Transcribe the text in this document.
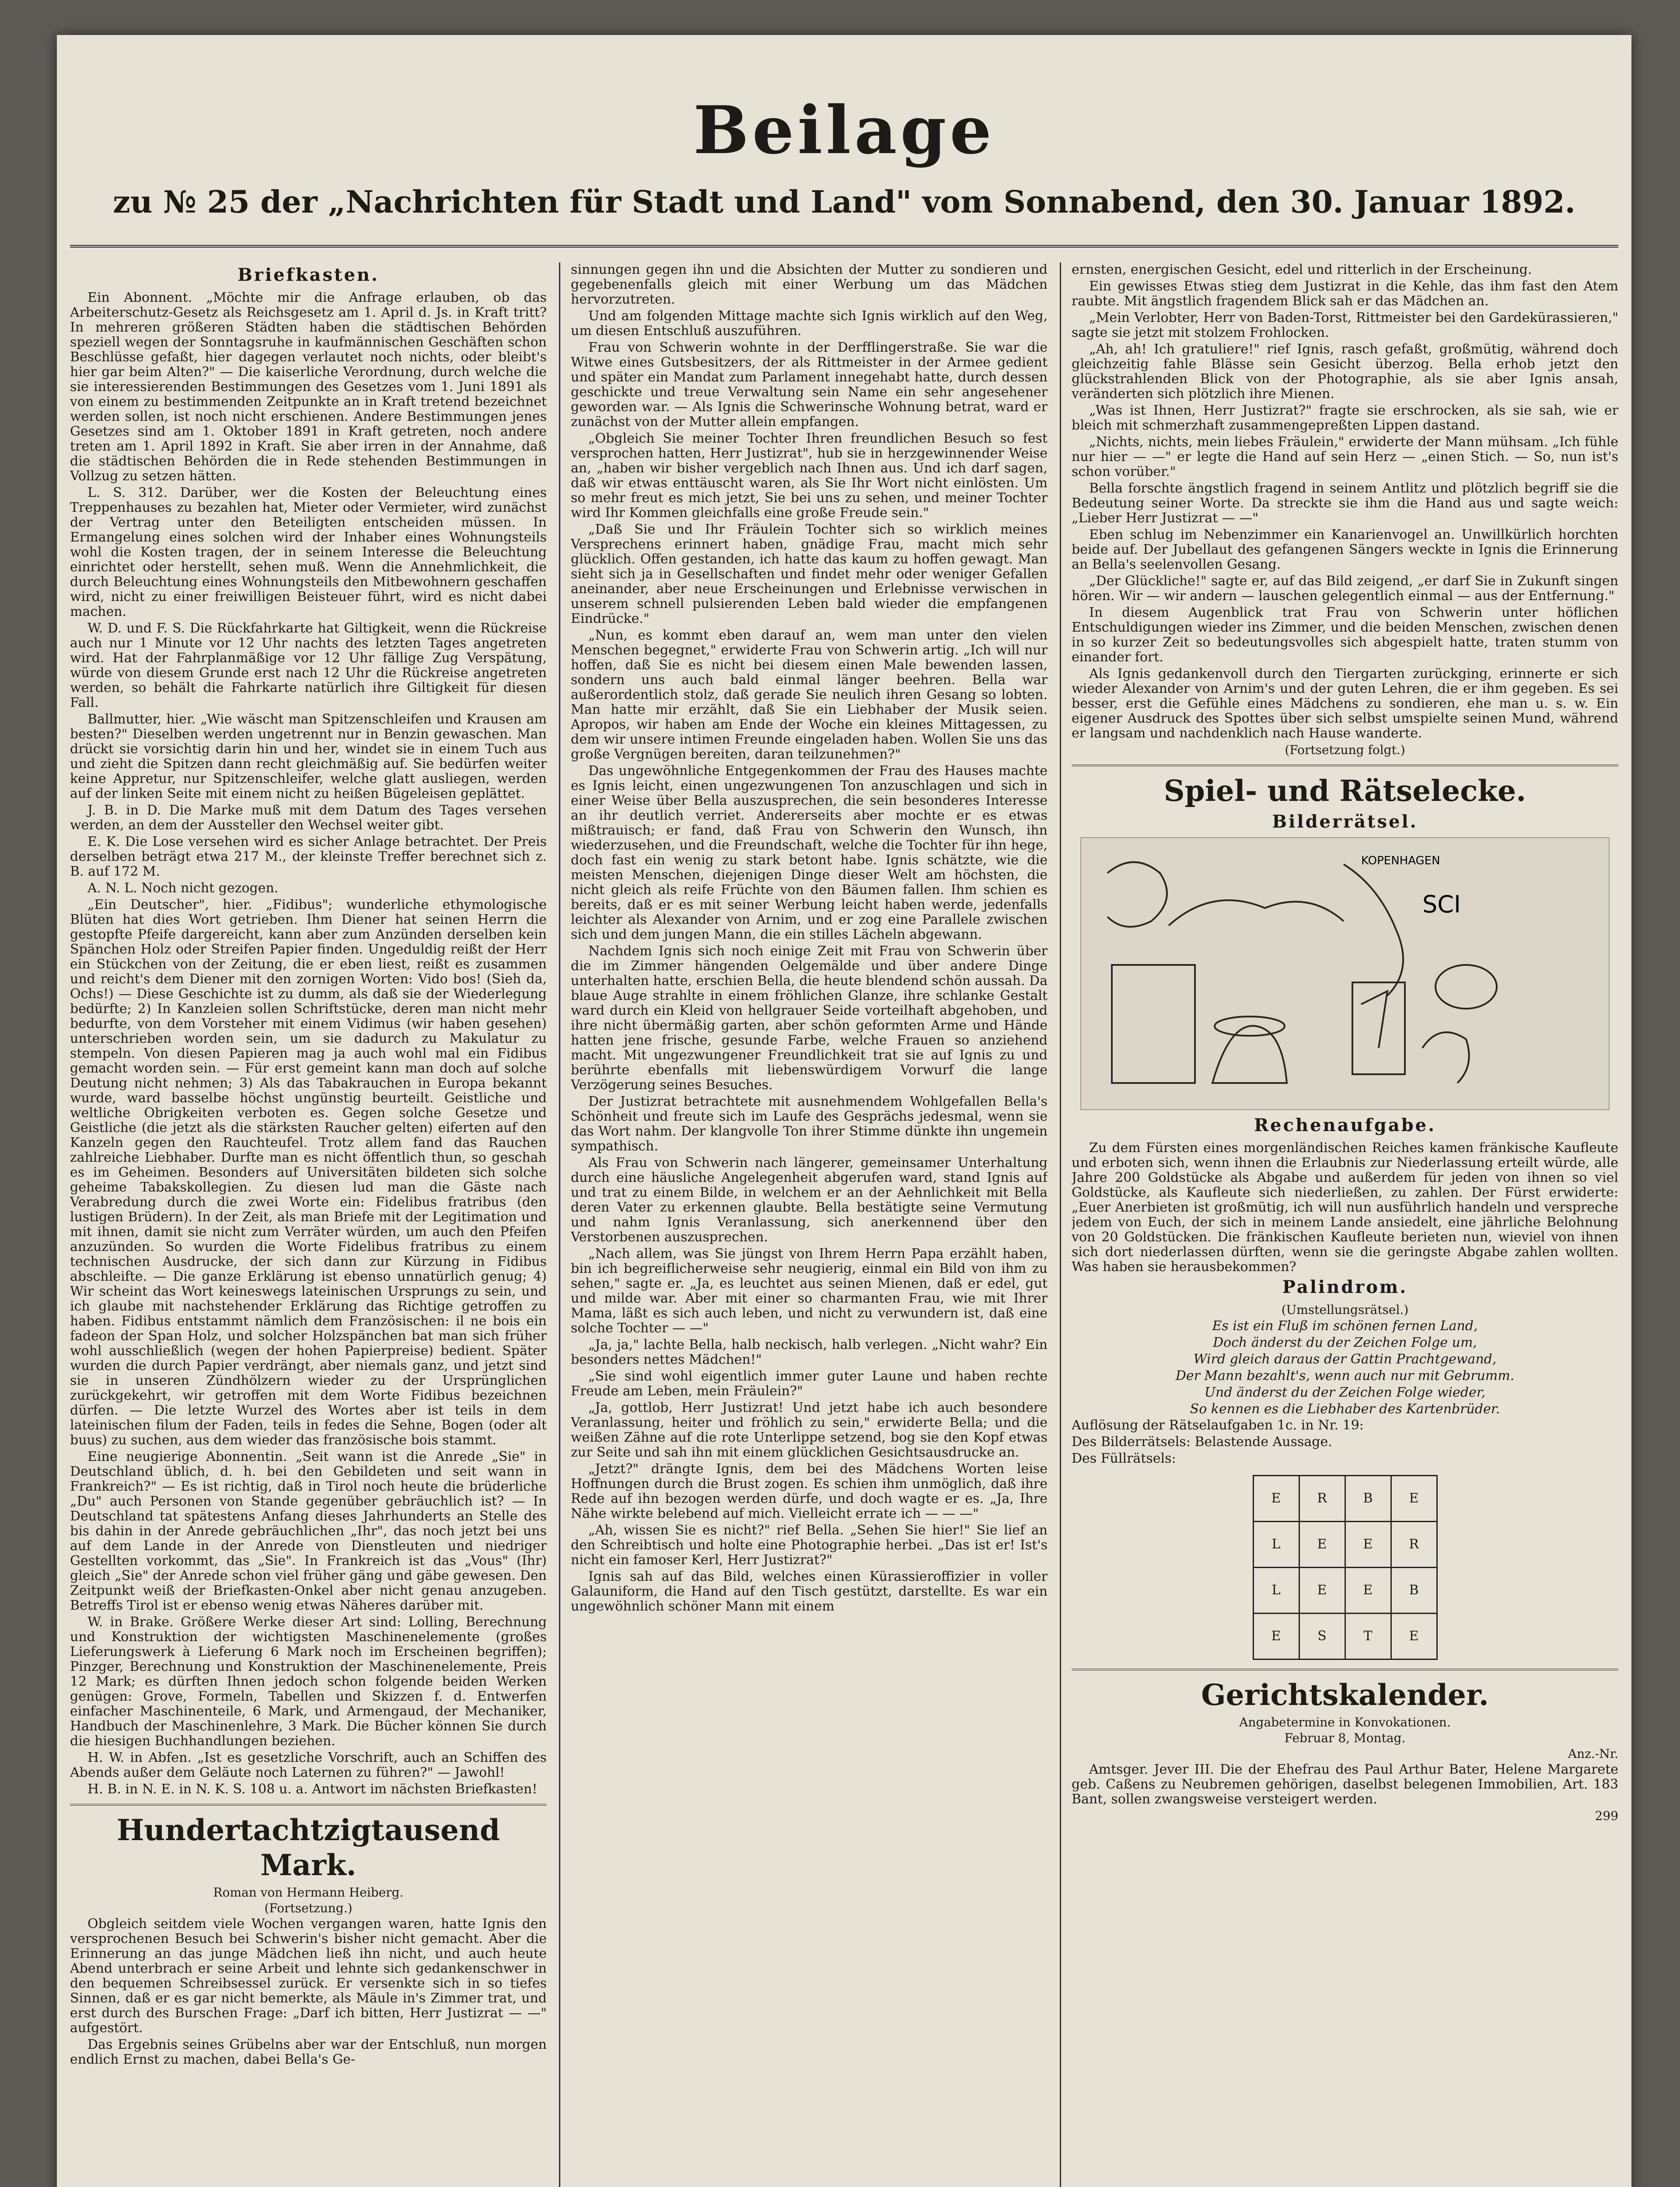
Beilage
zu № 25 der „Nachrichten für Stadt und Land" vom Sonnabend, den 30. Januar 1892.
Briefkasten.

Ein Abonnent. „Möchte mir die Anfrage erlauben, ob das Arbeiterschutz-Gesetz als Reichsgesetz am 1. April d. Js. in Kraft tritt? In mehreren größeren Städten haben die städtischen Behörden speziell wegen der Sonntagsruhe in kaufmännischen Geschäften schon Beschlüsse gefaßt, hier dagegen verlautet noch nichts, oder bleibt's hier gar beim Alten?" — Die kaiserliche Verordnung, durch welche die sie interessierenden Bestimmungen des Gesetzes vom 1. Juni 1891 als von einem zu bestimmenden Zeitpunkte an in Kraft tretend bezeichnet werden sollen, ist noch nicht erschienen. Andere Bestimmungen jenes Gesetzes sind am 1. Oktober 1891 in Kraft getreten, noch andere treten am 1. April 1892 in Kraft. Sie aber irren in der Annahme, daß die städtischen Behörden die in Rede stehenden Bestimmungen in Vollzug zu setzen hätten.

L. S. 312. Darüber, wer die Kosten der Beleuchtung eines Treppenhauses zu bezahlen hat, Mieter oder Vermieter, wird zunächst der Vertrag unter den Beteiligten entscheiden müssen. In Ermangelung eines solchen wird der Inhaber eines Wohnungsteils wohl die Kosten tragen, der in seinem Interesse die Beleuchtung einrichtet oder herstellt, sehen muß. Wenn die Annehmlichkeit, die durch Beleuchtung eines Wohnungsteils den Mitbewohnern geschaffen wird, nicht zu einer freiwilligen Beisteuer führt, wird es nicht dabei machen.

W. D. und F. S. Die Rückfahrkarte hat Giltigkeit, wenn die Rückreise auch nur 1 Minute vor 12 Uhr nachts des letzten Tages angetreten wird. Hat der Fahrplanmäßige vor 12 Uhr fällige Zug Verspätung, würde von diesem Grunde erst nach 12 Uhr die Rückreise angetreten werden, so behält die Fahrkarte natürlich ihre Giltigkeit für diesen Fall.

Ballmutter, hier. „Wie wäscht man Spitzenschleifen und Krausen am besten?" Dieselben werden ungetrennt nur in Benzin gewaschen. Man drückt sie vorsichtig darin hin und her, windet sie in einem Tuch aus und zieht die Spitzen dann recht gleichmäßig auf. Sie bedürfen weiter keine Appretur, nur Spitzenschleifer, welche glatt ausliegen, werden auf der linken Seite mit einem nicht zu heißen Bügeleisen geplättet.

J. B. in D. Die Marke muß mit dem Datum des Tages versehen werden, an dem der Aussteller den Wechsel weiter gibt.

E. K. Die Lose versehen wird es sicher Anlage betrachtet. Der Preis derselben beträgt etwa 217 M., der kleinste Treffer berechnet sich z. B. auf 172 M.

A. N. L. Noch nicht gezogen.

„Ein Deutscher", hier. „Fidibus"; wunderliche ethymologische Blüten hat dies Wort getrieben. Ihm Diener hat seinen Herrn die gestopfte Pfeife dargereicht, kann aber zum Anzünden derselben kein Spänchen Holz oder Streifen Papier finden. Ungeduldig reißt der Herr ein Stückchen von der Zeitung, die er eben liest, reißt es zusammen und reicht's dem Diener mit den zornigen Worten: Vido bos! (Sieh da, Ochs!) — Diese Geschichte ist zu dumm, als daß sie der Wiederlegung bedürfte; 2) In Kanzleien sollen Schriftstücke, deren man nicht mehr bedurfte, von dem Vorsteher mit einem Vidimus (wir haben gesehen) unterschrieben worden sein, um sie dadurch zu Makulatur zu stempeln. Von diesen Papieren mag ja auch wohl mal ein Fidibus gemacht worden sein. — Für erst gemeint kann man doch auf solche Deutung nicht nehmen; 3) Als das Tabakrauchen in Europa bekannt wurde, ward basselbe höchst ungünstig beurteilt. Geistliche und weltliche Obrigkeiten verboten es. Gegen solche Gesetze und Geistliche (die jetzt als die stärksten Raucher gelten) eiferten auf den Kanzeln gegen den Rauchteufel. Trotz allem fand das Rauchen zahlreiche Liebhaber. Durfte man es nicht öffentlich thun, so geschah es im Geheimen. Besonders auf Universitäten bildeten sich solche geheime Tabakskollegien. Zu diesen lud man die Gäste nach Verabredung durch die zwei Worte ein: Fidelibus fratribus (den lustigen Brüdern). In der Zeit, als man Briefe mit der Legitimation und mit ihnen, damit sie nicht zum Verräter würden, um auch den Pfeifen anzuzünden. So wurden die Worte Fidelibus fratribus zu einem technischen Ausdrucke, der sich dann zur Kürzung in Fidibus abschleifte. — Die ganze Erklärung ist ebenso unnatürlich genug; 4) Wir scheint das Wort keineswegs lateinischen Ursprungs zu sein, und ich glaube mit nachstehender Erklärung das Richtige getroffen zu haben. Fidibus entstammt nämlich dem Französischen: il ne bois ein fadeon der Span Holz, und solcher Holzspänchen bat man sich früher wohl ausschließlich (wegen der hohen Papierpreise) bedient. Später wurden die durch Papier verdrängt, aber niemals ganz, und jetzt sind sie in unseren Zündhölzern wieder zu der Ursprünglichen zurückgekehrt, wir getroffen mit dem Worte Fidibus bezeichnen dürfen. — Die letzte Wurzel des Wortes aber ist teils in dem lateinischen filum der Faden, teils in fedes die Sehne, Bogen (oder alt buus) zu suchen, aus dem wieder das französische bois stammt.

Eine neugierige Abonnentin. „Seit wann ist die Anrede „Sie" in Deutschland üblich, d. h. bei den Gebildeten und seit wann in Frankreich?" — Es ist richtig, daß in Tirol noch heute die brüderliche „Du" auch Personen von Stande gegenüber gebräuchlich ist? — In Deutschland tat spätestens Anfang dieses Jahrhunderts an Stelle des bis dahin in der Anrede gebräuchlichen „Ihr", das noch jetzt bei uns auf dem Lande in der Anrede von Dienstleuten und niedriger Gestellten vorkommt, das „Sie". In Frankreich ist das „Vous" (Ihr) gleich „Sie" der Anrede schon viel früher gäng und gäbe gewesen. Den Zeitpunkt weiß der Briefkasten-Onkel aber nicht genau anzugeben. Betreffs Tirol ist er ebenso wenig etwas Näheres darüber mit.

W. in Brake. Größere Werke dieser Art sind: Lolling, Berechnung und Konstruktion der wichtigsten Maschinenelemente (großes Lieferungswerk à Lieferung 6 Mark noch im Erscheinen begriffen); Pinzger, Berechnung und Konstruktion der Maschinenelemente, Preis 12 Mark; es dürften Ihnen jedoch schon folgende beiden Werken genügen: Grove, Formeln, Tabellen und Skizzen f. d. Entwerfen einfacher Maschinenteile, 6 Mark, und Armengaud, der Mechaniker, Handbuch der Maschinenlehre, 3 Mark. Die Bücher können Sie durch die hiesigen Buchhandlungen beziehen.

H. W. in Abfen. „Ist es gesetzliche Vorschrift, auch an Schiffen des Abends außer dem Geläute noch Laternen zu führen?" — Jawohl!

H. B. in N. E. in N. K. S. 108 u. a. Antwort im nächsten Briefkasten!

Hundertachtzigtausend Mark.
Roman von Hermann Heiberg.
(Fortsetzung.)

Obgleich seitdem viele Wochen vergangen waren, hatte Ignis den versprochenen Besuch bei Schwerin's bisher nicht gemacht. Aber die Erinnerung an das junge Mädchen ließ ihn nicht, und auch heute Abend unterbrach er seine Arbeit und lehnte sich gedankenschwer in den bequemen Schreibsessel zurück. Er versenkte sich in so tiefes Sinnen, daß er es gar nicht bemerkte, als Mäule in's Zimmer trat, und erst durch des Burschen Frage: „Darf ich bitten, Herr Justizrat — —" aufgestört.

Das Ergebnis seines Grübelns aber war der Entschluß, nun morgen endlich Ernst zu machen, dabei Bella's Ge-

sinnungen gegen ihn und die Absichten der Mutter zu sondieren und gegebenenfalls gleich mit einer Werbung um das Mädchen hervorzutreten.

Und am folgenden Mittage machte sich Ignis wirklich auf den Weg, um diesen Entschluß auszuführen.

Frau von Schwerin wohnte in der Derfflingerstraße. Sie war die Witwe eines Gutsbesitzers, der als Rittmeister in der Armee gedient und später ein Mandat zum Parlament innegehabt hatte, durch dessen geschickte und treue Verwaltung sein Name ein sehr angesehener geworden war. — Als Ignis die Schwerinsche Wohnung betrat, ward er zunächst von der Mutter allein empfangen.

„Obgleich Sie meiner Tochter Ihren freundlichen Besuch so fest versprochen hatten, Herr Justizrat", hub sie in herzgewinnender Weise an, „haben wir bisher vergeblich nach Ihnen aus. Und ich darf sagen, daß wir etwas enttäuscht waren, als Sie Ihr Wort nicht einlösten. Um so mehr freut es mich jetzt, Sie bei uns zu sehen, und meiner Tochter wird Ihr Kommen gleichfalls eine große Freude sein."

„Daß Sie und Ihr Fräulein Tochter sich so wirklich meines Versprechens erinnert haben, gnädige Frau, macht mich sehr glücklich. Offen gestanden, ich hatte das kaum zu hoffen gewagt. Man sieht sich ja in Gesellschaften und findet mehr oder weniger Gefallen aneinander, aber neue Erscheinungen und Erlebnisse verwischen in unserem schnell pulsierenden Leben bald wieder die empfangenen Eindrücke."

„Nun, es kommt eben darauf an, wem man unter den vielen Menschen begegnet," erwiderte Frau von Schwerin artig. „Ich will nur hoffen, daß Sie es nicht bei diesem einen Male bewenden lassen, sondern uns auch bald einmal länger beehren. Bella war außerordentlich stolz, daß gerade Sie neulich ihren Gesang so lobten. Man hatte mir erzählt, daß Sie ein Liebhaber der Musik seien. Apropos, wir haben am Ende der Woche ein kleines Mittagessen, zu dem wir unsere intimen Freunde eingeladen haben. Wollen Sie uns das große Vergnügen bereiten, daran teilzunehmen?"

Das ungewöhnliche Entgegenkommen der Frau des Hauses machte es Ignis leicht, einen ungezwungenen Ton anzuschlagen und sich in einer Weise über Bella auszusprechen, die sein besonderes Interesse an ihr deutlich verriet. Andererseits aber mochte er es etwas mißtrauisch; er fand, daß Frau von Schwerin den Wunsch, ihn wiederzusehen, und die Freundschaft, welche die Tochter für ihn hege, doch fast ein wenig zu stark betont habe. Ignis schätzte, wie die meisten Menschen, diejenigen Dinge dieser Welt am höchsten, die nicht gleich als reife Früchte von den Bäumen fallen. Ihm schien es bereits, daß er es mit seiner Werbung leicht haben werde, jedenfalls leichter als Alexander von Arnim, und er zog eine Parallele zwischen sich und dem jungen Mann, die ein stilles Lächeln abgewann.

Nachdem Ignis sich noch einige Zeit mit Frau von Schwerin über die im Zimmer hängenden Oelgemälde und über andere Dinge unterhalten hatte, erschien Bella, die heute blendend schön aussah. Da blaue Auge strahlte in einem fröhlichen Glanze, ihre schlanke Gestalt ward durch ein Kleid von hellgrauer Seide vorteilhaft abgehoben, und ihre nicht übermäßig garten, aber schön geformten Arme und Hände hatten jene frische, gesunde Farbe, welche Frauen so anziehend macht. Mit ungezwungener Freundlichkeit trat sie auf Ignis zu und berührte ebenfalls mit liebenswürdigem Vorwurf die lange Verzögerung seines Besuches.

Der Justizrat betrachtete mit ausnehmendem Wohlgefallen Bella's Schönheit und freute sich im Laufe des Gesprächs jedesmal, wenn sie das Wort nahm. Der klangvolle Ton ihrer Stimme dünkte ihn ungemein sympathisch.

Als Frau von Schwerin nach längerer, gemeinsamer Unterhaltung durch eine häusliche Angelegenheit abgerufen ward, stand Ignis auf und trat zu einem Bilde, in welchem er an der Aehnlichkeit mit Bella deren Vater zu erkennen glaubte. Bella bestätigte seine Vermutung und nahm Ignis Veranlassung, sich anerkennend über den Verstorbenen auszusprechen.

„Nach allem, was Sie jüngst von Ihrem Herrn Papa erzählt haben, bin ich begreiflicherweise sehr neugierig, einmal ein Bild von ihm zu sehen," sagte er. „Ja, es leuchtet aus seinen Mienen, daß er edel, gut und milde war. Aber mit einer so charmanten Frau, wie mit Ihrer Mama, läßt es sich auch leben, und nicht zu verwundern ist, daß eine solche Tochter — —"

„Ja, ja," lachte Bella, halb neckisch, halb verlegen. „Nicht wahr? Ein besonders nettes Mädchen!"

„Sie sind wohl eigentlich immer guter Laune und haben rechte Freude am Leben, mein Fräulein?"

„Ja, gottlob, Herr Justizrat! Und jetzt habe ich auch besondere Veranlassung, heiter und fröhlich zu sein," erwiderte Bella; und die weißen Zähne auf die rote Unterlippe setzend, bog sie den Kopf etwas zur Seite und sah ihn mit einem glücklichen Gesichtsausdrucke an.

„Jetzt?" drängte Ignis, dem bei des Mädchens Worten leise Hoffnungen durch die Brust zogen. Es schien ihm unmöglich, daß ihre Rede auf ihn bezogen werden dürfe, und doch wagte er es. „Ja, Ihre Nähe wirkte belebend auf mich. Vielleicht errate ich — — —"

„Ah, wissen Sie es nicht?" rief Bella. „Sehen Sie hier!" Sie lief an den Schreibtisch und holte eine Photographie herbei. „Das ist er! Ist's nicht ein famoser Kerl, Herr Justizrat?"

Ignis sah auf das Bild, welches einen Kürassieroffizier in voller Galauniform, die Hand auf den Tisch gestützt, darstellte. Es war ein ungewöhnlich schöner Mann mit einem

ernsten, energischen Gesicht, edel und ritterlich in der Erscheinung.

Ein gewisses Etwas stieg dem Justizrat in die Kehle, das ihm fast den Atem raubte. Mit ängstlich fragendem Blick sah er das Mädchen an.

„Mein Verlobter, Herr von Baden-Torst, Rittmeister bei den Gardekürassieren," sagte sie jetzt mit stolzem Frohlocken.

„Ah, ah! Ich gratuliere!" rief Ignis, rasch gefaßt, großmütig, während doch gleichzeitig fahle Blässe sein Gesicht überzog. Bella erhob jetzt den glückstrahlenden Blick von der Photographie, als sie aber Ignis ansah, veränderten sich plötzlich ihre Mienen.

„Was ist Ihnen, Herr Justizrat?" fragte sie erschrocken, als sie sah, wie er bleich mit schmerzhaft zusammengepreßten Lippen dastand.

„Nichts, nichts, mein liebes Fräulein," erwiderte der Mann mühsam. „Ich fühle nur hier — —" er legte die Hand auf sein Herz — „einen Stich. — So, nun ist's schon vorüber."

Bella forschte ängstlich fragend in seinem Antlitz und plötzlich begriff sie die Bedeutung seiner Worte. Da streckte sie ihm die Hand aus und sagte weich: „Lieber Herr Justizrat — —"

Eben schlug im Nebenzimmer ein Kanarienvogel an. Unwillkürlich horchten beide auf. Der Jubellaut des gefangenen Sängers weckte in Ignis die Erinnerung an Bella's seelenvollen Gesang.

„Der Glückliche!" sagte er, auf das Bild zeigend, „er darf Sie in Zukunft singen hören. Wir — wir andern — lauschen gelegentlich einmal — aus der Entfernung."

In diesem Augenblick trat Frau von Schwerin unter höflichen Entschuldigungen wieder ins Zimmer, und die beiden Menschen, zwischen denen in so kurzer Zeit so bedeutungsvolles sich abgespielt hatte, traten stumm von einander fort.

Als Ignis gedankenvoll durch den Tiergarten zurückging, erinnerte er sich wieder Alexander von Arnim's und der guten Lehren, die er ihm gegeben. Es sei besser, erst die Gefühle eines Mädchens zu sondieren, ehe man u. s. w. Ein eigener Ausdruck des Spottes über sich selbst umspielte seinen Mund, während er langsam und nachdenklich nach Hause wanderte.

(Fortsetzung folgt.)
Spiel- und Rätselecke.
Bilderrätsel.
KOPENHAGEN
SCI
Rechenaufgabe.

Zu dem Fürsten eines morgenländischen Reiches kamen fränkische Kaufleute und erboten sich, wenn ihnen die Erlaubnis zur Niederlassung erteilt würde, alle Jahre 200 Goldstücke als Abgabe und außerdem für jeden von ihnen so viel Goldstücke, als Kaufleute sich niederließen, zu zahlen. Der Fürst erwiderte: „Euer Anerbieten ist großmütig, ich will nun ausführlich handeln und verspreche jedem von Euch, der sich in meinem Lande ansiedelt, eine jährliche Belohnung von 20 Goldstücken. Die fränkischen Kaufleute berieten nun, wieviel von ihnen sich dort niederlassen dürften, wenn sie die geringste Abgabe zahlen wollten. Was haben sie herausbekommen?

Palindrom.
(Umstellungsrätsel.)
Es ist ein Fluß im schönen fernen Land,
Doch änderst du der Zeichen Folge um,
Wird gleich daraus der Gattin Prachtgewand,
Der Mann bezahlt's, wenn auch nur mit Gebrumm.
Und änderst du der Zeichen Folge wieder,
So kennen es die Liebhaber des Kartenbrüder.

Auflösung der Rätselaufgaben 1c. in Nr. 19:

Des Bilderrätsels: Belastende Aussage.

Des Füllrätsels:

E	R	B	E
L	E	E	R
L	E	E	B
E	S	T	E
Gerichtskalender.
Angabetermine in Konvokationen.
Februar 8, Montag.
Anz.-Nr.

Amtsger. Jever III. Die der Ehefrau des Paul Arthur Bater, Helene Margarete geb. Caßens zu Neubremen gehörigen, daselbst belegenen Immobilien, Art. 183 Bant, sollen zwangsweise versteigert werden.

299
